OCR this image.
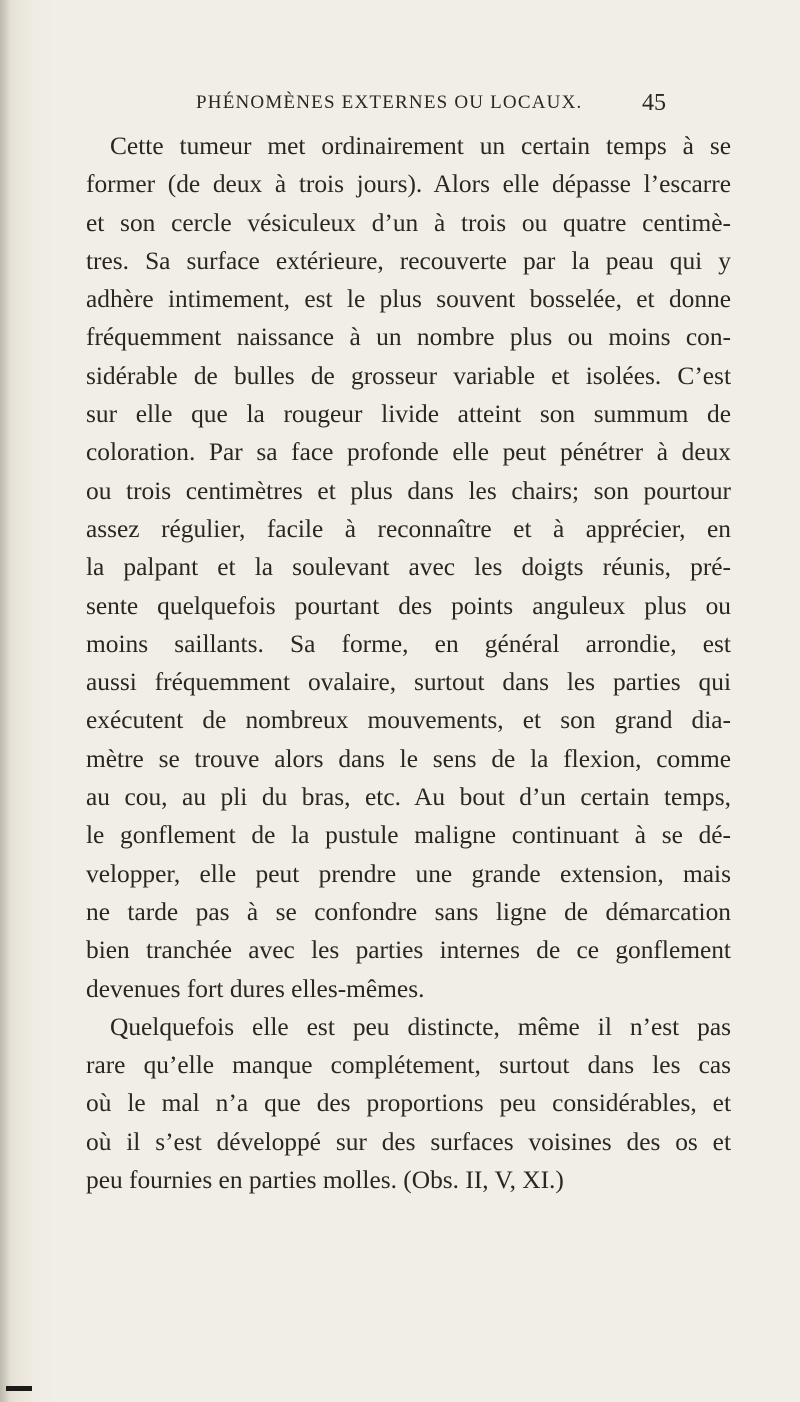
PHÉNOMÈNES EXTERNES OU LOCAUX. 45
Cette tumeur met ordinairement un certain temps à se
former (de deux à trois jours). Alors elle dépasse l’escarre
et son cercle vésiculeux d’un à trois ou quatre centimè-
tres. Sa surface extérieure, recouverte par la peau qui y
adhère intimement, est le plus souvent bosselée, et donne
fréquemment naissance à un nombre plus ou moins con-
sidérable de bulles de grosseur variable et isolées. C’est
sur elle que la rougeur livide atteint son summum de
coloration. Par sa face profonde elle peut pénétrer à deux
ou trois centimètres et plus dans les chairs; son pourtour
assez régulier, facile à reconnaître et à apprécier, en
la palpant et la soulevant avec les doigts réunis, pré-
sente quelquefois pourtant des points anguleux plus ou
moins saillants. Sa forme, en général arrondie, est
aussi fréquemment ovalaire, surtout dans les parties qui
exécutent de nombreux mouvements, et son grand dia-
mètre se trouve alors dans le sens de la flexion, comme
au cou, au pli du bras, etc. Au bout d’un certain temps,
le gonflement de la pustule maligne continuant à se dé-
velopper, elle peut prendre une grande extension, mais
ne tarde pas à se confondre sans ligne de démarcation
bien tranchée avec les parties internes de ce gonflement
devenues fort dures elles-mêmes.
Quelquefois elle est peu distincte, même il n’est pas
rare qu’elle manque complétement, surtout dans les cas
où le mal n’a que des proportions peu considérables, et
où il s’est développé sur des surfaces voisines des os et
peu fournies en parties molles. (Obs. II, V, XI.)
